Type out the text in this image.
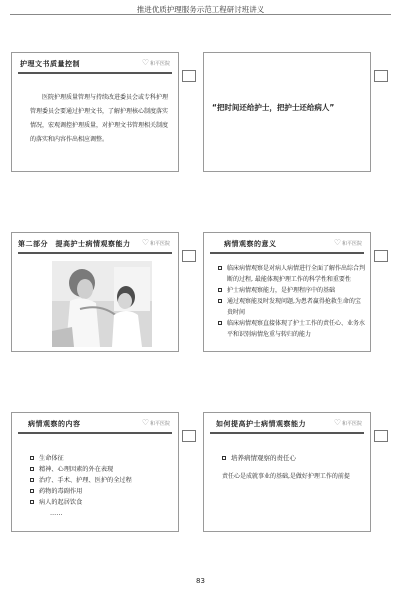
推进优质护理服务示范工程研讨班讲义
护理文书质量控制	♡和平医院
医院护理质量管理与持续改进委员会或专科护理管理委员会要通过护理文书，了解护理核心制度落实情况，宏观调控护理质量，对护理文书管理相关制度的落实和内容作出相应调整。
“把时间还给护士，把护士还给病人”
第二部分　提高护士病情观察能力 ♡和平医院	病情观察的意义	♡和平医院
临床病情观察是对病人病情进行全面了解作出综合判断的过程, 最能体现护理工作的科学性和重要性
护士病情观察能力，是护理程序中的基础
通过观察能及时发现问题,为患者赢得抢救生命的宝贵时间
临床病情观察直接体现了护士工作的责任心、业务水平和识别病情危重与转归的能力
病情观察的内容	♡和平医院
生命体征
精神、心理因素的外在表现
治疗、手术、护理、医护的全过程
药物的毒副作用
病人的起居饮食
……
如何提高护士病情观察能力	♡和平医院
培养病情观察的责任心
责任心是成就事业的基础,是做好护理工作的前提
83
